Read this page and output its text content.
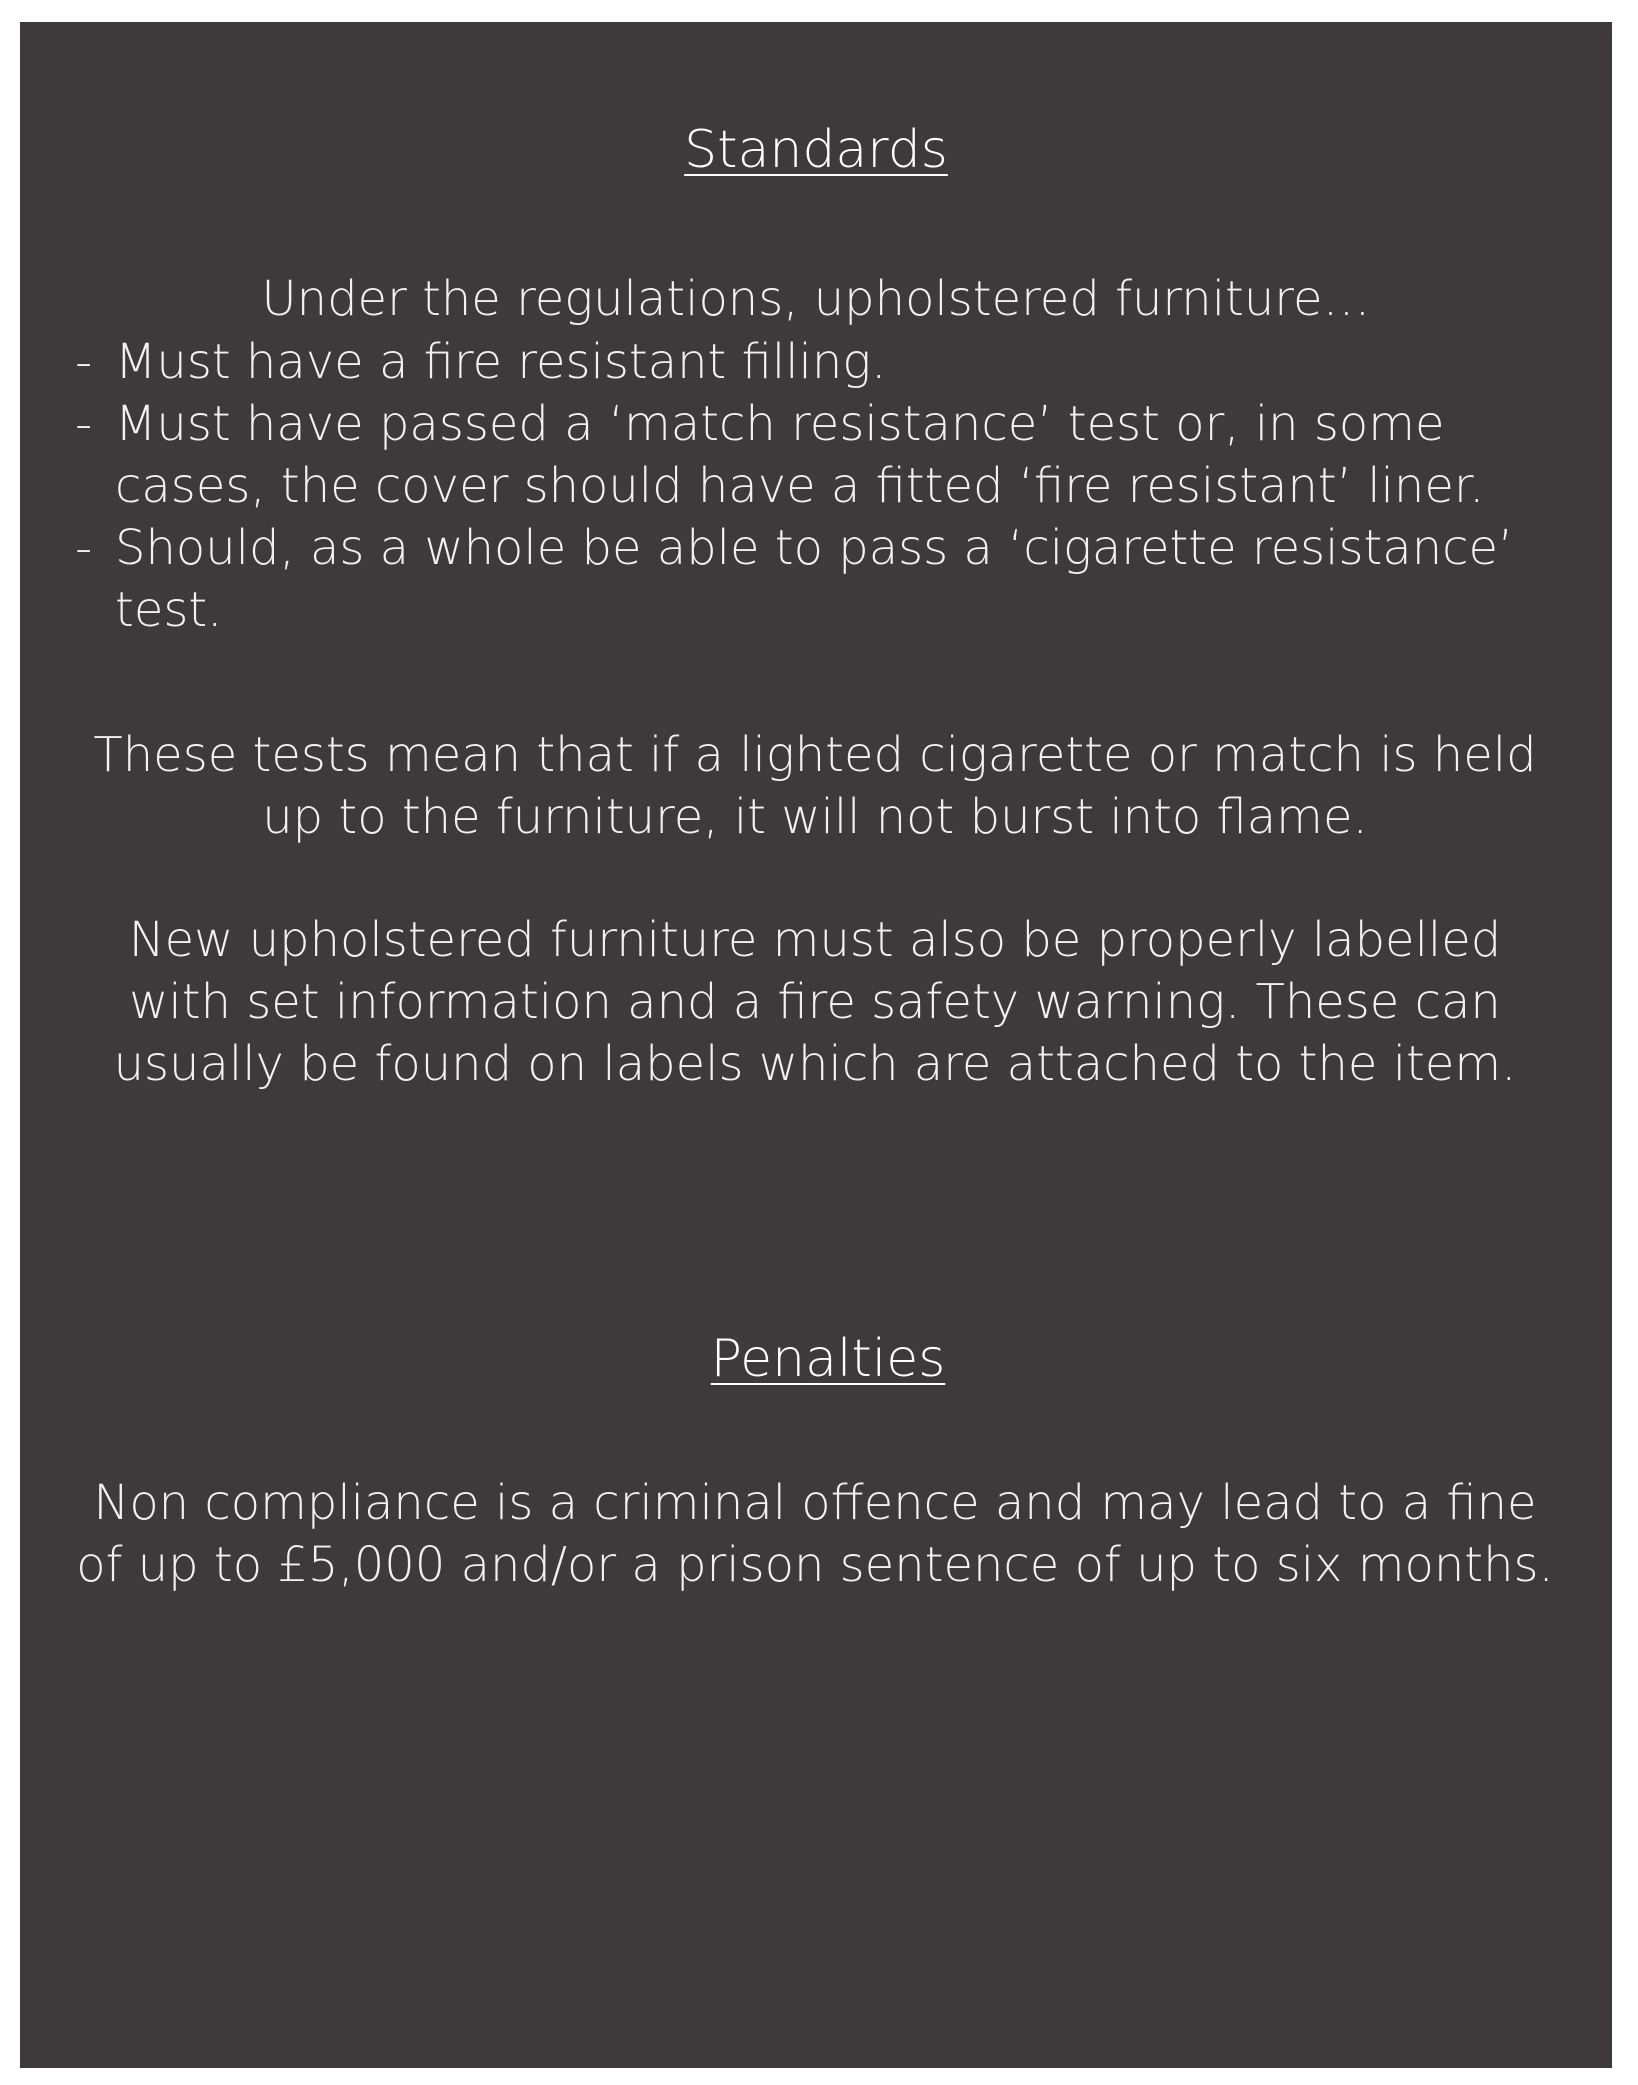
Standards
Under the regulations, upholstered furniture…
- Must have a fire resistant filling.
- Must have passed a ‘match resistance’ test or, in some cases, the cover should have a fitted ‘fire resistant’ liner.
- Should, as a whole be able to pass a ‘cigarette resistance’ test.
These tests mean that if a lighted cigarette or match is held up to the furniture, it will not burst into flame.
New upholstered furniture must also be properly labelled with set information and a fire safety warning. These can usually be found on labels which are attached to the item.
Penalties
Non compliance is a criminal offence and may lead to a fine of up to £5,000 and/or a prison sentence of up to six months.
